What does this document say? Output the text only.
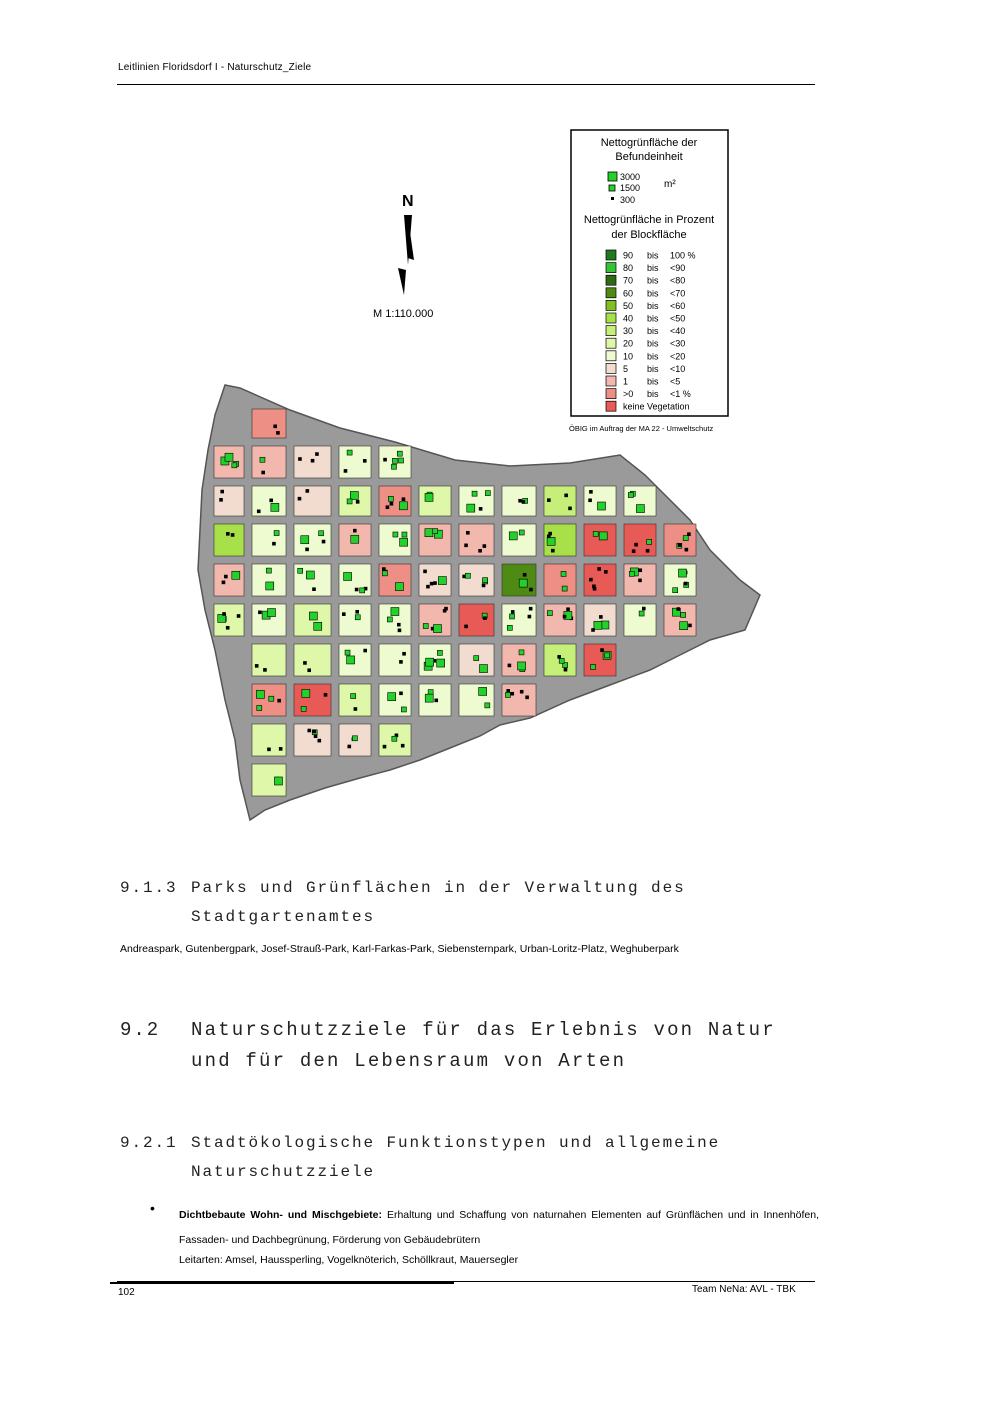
Leitlinien Floridsdorf I - Naturschutz_Ziele
N
M 1:110.000
Nettogrünfläche der
Befundeinheit
3000
1500
300
m²
Nettogrünfläche in Prozent
der Blockfläche
90 bis 100 %
80 bis <90
70 bis <80
60 bis <70
50 bis <60
40 bis <50
30 bis <40
20 bis <30
10 bis <20
5 bis <10
1 bis <5
>0 bis <1 %
keine Vegetation
ÖBIG im Auftrag der MA 22 - Umweltschutz
9.1.3 Parks und Grünflächen in der Verwaltung des Stadtgartenamtes
Andreaspark, Gutenbergpark, Josef-Strauß-Park, Karl-Farkas-Park, Siebensternpark, Urban-Loritz-Platz, Weghuberpark
9.2 Naturschutzziele für das Erlebnis von Natur und für den Lebensraum von Arten
9.2.1 Stadtökologische Funktionstypen und allgemeine Naturschutzziele
• Dichtbebaute Wohn- und Mischgebiete: Erhaltung und Schaffung von naturnahen Elementen auf Grünflächen und in Innenhöfen, Fassaden- und Dachbegrünung, Förderung von Gebäudebrütern
Leitarten: Amsel, Haussperling, Vogelknöterich, Schöllkraut, Mauersegler
102	Team NeNa: AVL - TBK
